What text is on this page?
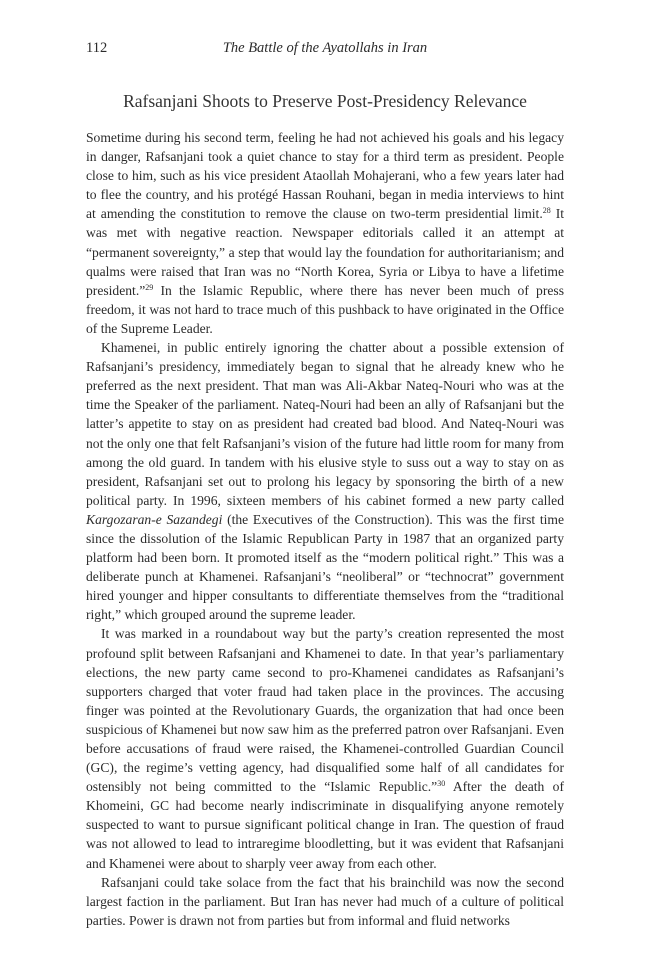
112	The Battle of the Ayatollahs in Iran
Rafsanjani Shoots to Preserve Post-Presidency Relevance

Sometime during his second term, feeling he had not achieved his goals and his legacy in danger, Rafsanjani took a quiet chance to stay for a third term as president. People close to him, such as his vice president Ataollah Mohajerani, who a few years later had to flee the country, and his protégé Hassan Rouhani, began in media interviews to hint at amending the constitution to remove the clause on two-term presidential limit.$^{28}$ It was met with negative reaction. Newspaper editorials called it an attempt at “permanent sovereignty,” a step that would lay the foundation for authoritarianism; and qualms were raised that Iran was no “North Korea, Syria or Libya to have a lifetime president.”$^{29}$ In the Islamic Republic, where there has never been much of press freedom, it was not hard to trace much of this pushback to have originated in the Office of the Supreme Leader.

Khamenei, in public entirely ignoring the chatter about a possible extension of Rafsanjani’s presidency, immediately began to signal that he already knew who he preferred as the next president. That man was Ali-Akbar Nateq-Nouri who was at the time the Speaker of the parliament. Nateq-Nouri had been an ally of Rafsanjani but the latter’s appetite to stay on as president had created bad blood. And Nateq-Nouri was not the only one that felt Rafsanjani’s vision of the future had little room for many from among the old guard. In tandem with his elusive style to suss out a way to stay on as president, Rafsanjani set out to prolong his legacy by sponsoring the birth of a new political party. In 1996, sixteen members of his cabinet formed a new party called Kargozaran-e Sazandegi (the Executives of the Construction). This was the first time since the dissolution of the Islamic Republican Party in 1987 that an organized party platform had been born. It promoted itself as the “modern political right.” This was a deliberate punch at Khamenei. Rafsanjani’s “neoliberal” or “technocrat” government hired younger and hipper consultants to differentiate themselves from the “traditional right,” which grouped around the supreme leader.

It was marked in a roundabout way but the party’s creation represented the most profound split between Rafsanjani and Khamenei to date. In that year’s parliamentary elections, the new party came second to pro-Khamenei candidates as Rafsanjani’s supporters charged that voter fraud had taken place in the provinces. The accusing finger was pointed at the Revolutionary Guards, the organization that had once been suspicious of Khamenei but now saw him as the preferred patron over Rafsanjani. Even before accusations of fraud were raised, the Khamenei-controlled Guardian Council (GC), the regime’s vetting agency, had disqualified some half of all candidates for ostensibly not being committed to the “Islamic Republic.”$^{30}$ After the death of Khomeini, GC had become nearly indiscriminate in disqualifying anyone remotely suspected to want to pursue significant political change in Iran. The question of fraud was not allowed to lead to intraregime bloodletting, but it was evident that Rafsanjani and Khamenei were about to sharply veer away from each other.

Rafsanjani could take solace from the fact that his brainchild was now the second largest faction in the parliament. But Iran has never had much of a culture of political parties. Power is drawn not from parties but from informal and fluid networks
